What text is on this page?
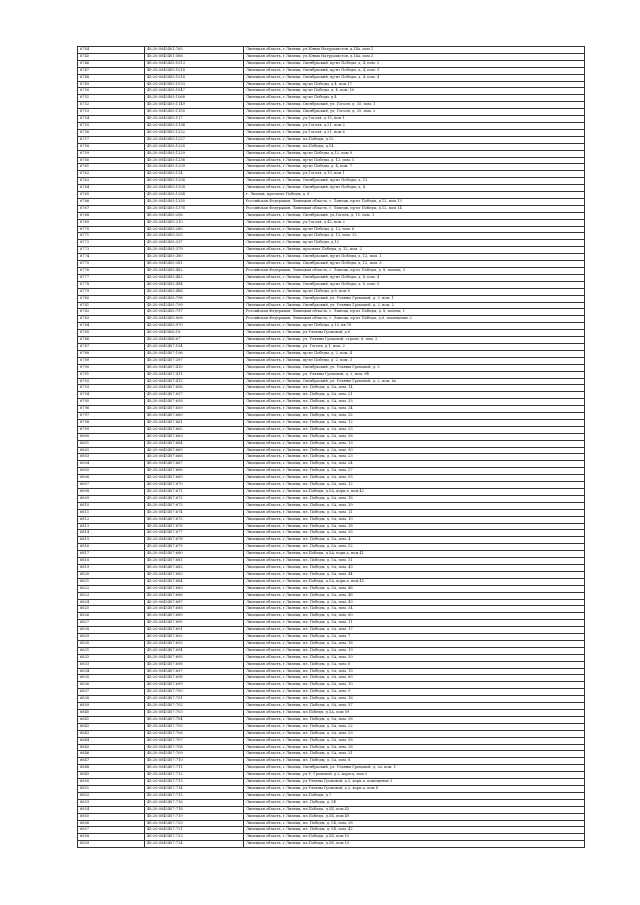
6744	48:20:0045401:765	Липецкая область, г.Липецк, ул.Юных Натуралистов, д.14а, пом 1
6745	48:20:0045401:566	Липецкая область, г.Липецк, ул.Юных Натуралистов, д.14а, пом 2
6746	48:20:0045405:1013	Липецкая область, г.Липецк, Октябрьский, пр-кт Победы, д. 4, пом. 2
6747	48:20:0045405:1014	Липецкая область, г.Липецк, Октябрьский, пр-кт Победы, д. 4, пом. 3
6748	48:20:0045405:1016	Липецкая область, г.Липецк, Октябрьский, пр-кт Победы, д. 4, пом. 4
6749	48:20:0045405:1033	Липецкая область, г.Липецк, пр-кт Победы, д.4, пом 17
6750	48:20:0045405:1047	Липецкая область, г.Липецк, пр-кт Победы, д. 4, пом. 10
6751	48:20:0045405:1068	Липецкая область, г.Липецк, пр-кт Победы, д.4
6752	48:20:0045405:1149	Липецкая область, г.Липецк, Октябрьский, ул. Гоголя, д. 35, пом. 1
6753	48:20:0045405:1150	Липецкая область, г.Липецк, Октябрьский, ул. Гоголя, д. 35, пом. 2
6754	48:20:0045405:117	Липецкая область, г.Липецк, ул.Гоголя, д.15, пом 1
6755	48:20:0045405:1194	Липецкая область, г.Липецк, ул.Гоголя, д.21, пом 2
6756	48:20:0045405:1222	Липецкая область, г.Липецк, ул.Гоголя, д.21, пом 6
6757	48:20:0045405:1227	Липецкая область, г.Липецк, пл.Победы, д.12
6758	48:20:0045405:1228	Липецкая область, г.Липецк, пл.Победы, д.14
6759	48:20:0045405:1229	Липецкая область, г.Липецк, пр-кт Победы, д.12, пом 9
6760	48:20:0045405:1236	Липецкая область, г.Липецк, пр-кт Победы, д. 12, пом. 5
6761	48:20:0045405:1239	Липецкая область, г.Липецк, пр-кт Победы, д. 4, пом. 7
6762	48:20:0045405:124	Липецкая область, г.Липецк, ул.Гоголя, д.19, пом 1
6763	48:20:0045405:1256	Липецкая область, г.Липецк, Октябрьский, пр-кт Победы, д. 12
6764	48:20:0045405:1258	Липецкая область, г.Липецк, Октябрьский, пр-кт Победы, д. 4
6765	48:20:0045405:1284	г. Липецк, проспект Победы, д. 8
6766	48:20:0045405:1355	Российская Федерация, Липецкая область, г. Липецк, пр-кт Победы, д.12, пом 13
6767	48:20:0045405:1376	Российская Федерация, Липецкая область, г. Липецк, пр-кт Победы, д.12, пом 14
6768	48:20:0045405:206	Липецкая область, г.Липецк, Октябрьский, ул.Гоголя, д. 15, пом. 1
6769	48:20:0045405:210	Липецкая область, г.Липецк, ул.Гоголя, д.43, пом 2
6770	48:20:0045405:280	Липецкая область, г.Липецк, пр-кт Победы, д. 12, пом. 6
6771	48:20:0045405:325	Липецкая область, г.Липецк, пр-кт Победы, д. 12, пом. 12
6772	48:20:0045405:337	Липецкая область, г.Липецк, пр-кт Победы, д.12
6773	48:20:0045405:379	Липецкая область, г.Липецк, проспект Победы, д. 12, пом. 2
6774	48:20:0045405:380	Липецкая область, г.Липецк, Октябрьский, пр-кт Победы, д. 12, пом. 1
6775	48:20:0045405:381	Липецкая область, г.Липецк, Октябрьский, пр-кт Победы, д. 12, пом. 3
6776	48:20:0045405:482	Российская Федерация, Липецкая область, г. Липецк, пр-кт Победы, д. 8, помещ. 3
6777	48:20:0045405:483	Липецкая область, г.Липецк, Октябрьский, пр-кт Победы, д. 8, пом. 4
6778	48:20:0045405:484	Липецкая область, г.Липецк, Октябрьский, пр-кт Победы, д. 8, пом. 5
6779	48:20:0045405:486	Липецкая область, г.Липецк, пр-кт Победы, д.8, пом 8
6780	48:20:0045405:798	Липецкая область, г.Липецк, Октябрьский, ул. Ульяны Громовой, д. 3, пом. 1
6781	48:20:0045405:799	Липецкая область, г.Липецк, Октябрьский, ул. Ульяны Громовой, д. 3, пом. 2
6782	48:20:0045405:797	Российская Федерация, Липецкая область, г. Липецк, пр-кт Победы, д. 8, помещ. 1
6783	48:20:0045405:808	Российская Федерация, Липецкая область, г. Липецк, пр-кт Победы, д.6, помещение 2
6784	48:20:0045405:970	Липецкая область, г.Липецк, пр-кт Победы, д.10, кв.76
6785	48:20:0045406:16	Липецкая область, г.Липецк, ул.Ульяны Громовой, д.6
6786	48:20:0045406:67	Липецкая область, г.Липецк, ул. Ульяны Громовой, строен. 6, пом. 2
6787	48:20:0045407:104	Липецкая область, г.Липецк, ул. Гоголя, д.1, пом. 2
6788	48:20:0045407:196	Липецкая область, г.Липецк, пр-кт Победы, д. 2, пом. 4
6789	48:20:0045407:397	Липецкая область, г.Липецк, пр-кт Победы, д. 2, пом. 3
6790	48:20:0045407:410	Липецкая область, г.Липецк, Октябрьский, ул. Ульяны Громовой, д. 2
6791	48:20:0045407:411	Липецкая область, г.Липецк, ул. Ульяны Громовой, д. 2, пом. 6б
6792	48:20:0045407:412	Липецкая область, г.Липецк, Октябрьский, ул. Ульяны Громовой, д. 2, пом. 6а
6793	48:20:0045407:656	Липецкая область, г.Липецк, пл. Победы, д. 5А, пом. 14
6794	48:20:0045407:657	Липецкая область, г.Липецк, пл. Победы, д. 5А, пом. 21
6795	48:20:0045407:658	Липецкая область, г.Липецк, пл. Победы, д. 5А, пом. 33
6796	48:20:0045407:659	Липецкая область, г.Липецк, пл. Победы, д. 5А, пом. 34
6797	48:20:0045407:660	Липецкая область, г.Липецк, пл. Победы, д. 5А, пом. 32
6798	48:20:0045407:661	Липецкая область, г.Липецк, пл. Победы, д. 5А, пом. 12
6799	48:20:0045407:662	Липецкая область, г.Липецк, пл. Победы, д. 5А, пом. 25
6800	48:20:0045407:663	Липецкая область, г.Липецк, пл. Победы, д. 5А, пом. 56
6801	48:20:0045407:664	Липецкая область, г.Липецк, пл. Победы, д. 5А, пом. 13
6802	48:20:0045407:665	Липецкая область, г.Липецк, пл. Победы, д. 5А, пом. 50
6803	48:20:0045407:666	Липецкая область, г.Липецк, пл. Победы, д. 5А, пом. 23
6804	48:20:0045407:667	Липецкая область, г.Липецк, пл. Победы, д. 5А, пом. 24
6805	48:20:0045407:668	Липецкая область, г.Липецк, пл. Победы, д. 5А, пом. 27
6806	48:20:0045407:669	Липецкая область, г.Липецк, пл. Победы, д. 5А, пом. 55
6807	48:20:0045407:670	Липецкая область, г.Липецк, пл. Победы, д. 5А, пом. 12
6808	48:20:0045407:671	Липецкая область, г.Липецк, пл.Победы, д.5А, корп.а, пом 42
6809	48:20:0045407:672	Липецкая область, г.Липецк, пл. Победы, д. 5А, пом. 18
6810	48:20:0045407:673	Липецкая область, г.Липецк, пл. Победы, д. 5А, пом. 39
6811	48:20:0045407:674	Липецкая область, г.Липецк, пл. Победы, д. 5А, пом. 11
6812	48:20:0045407:675	Липецкая область, г.Липецк, пл. Победы, д. 5А, пом. 10
6813	48:20:0045407:676	Липецкая область, г.Липецк, пл. Победы, д. 5А, пом. 16
6814	48:20:0045407:677	Липецкая область, г.Липецк, пл. Победы, д. 5А, пом. 35
6815	48:20:0045407:678	Липецкая область, г.Липецк, пл. Победы, д. 5А, пом. 4
6816	48:20:0045407:679	Липецкая область, г.Липецк, пл. Победы, д. 5А, пом. 52
6817	48:20:0045407:680	Липецкая область, г.Липецк, пл.Победы, д.5А, корп.а, пом 41
6818	48:20:0045407:681	Липецкая область, г.Липецк, пл. Победы, д. 5А, пом. 51
6819	48:20:0045407:682	Липецкая область, г.Липецк, пл. Победы, д. 5А, пом. 43
6820	48:20:0045407:683	Липецкая область, г.Липецк, пл. Победы, д. 5А, пом. 44
6821	48:20:0045407:684	Липецкая область, г.Липецк, пл.Победы, д.5А, корп.а, пом 45
6822	48:20:0045407:685	Липецкая область, г.Липецк, пл. Победы, д. 5А, пом. 46
6823	48:20:0045407:686	Липецкая область, г.Липецк, пл. Победы, д. 5А, пом. 48
6824	48:20:0045407:687	Липецкая область, г.Липецк, пл. Победы, д. 5А, пом. 49
6825	48:20:0045407:688	Липецкая область, г.Липецк, пл. Победы, д. 5А, пом. 54
6826	48:20:0045407:689	Липецкая область, г.Липецк, пл. Победы, д. 5А, пом. 60
6827	48:20:0045407:690	Липецкая область, г.Липецк, пл. Победы, д. 5А, пом. 11
6828	48:20:0045407:691	Липецкая область, г.Липецк, пл. Победы, д. 5А, пом. 17
6829	48:20:0045407:692	Липецкая область, г.Липецк, пл. Победы, д. 5А, пом. 7
6830	48:20:0045407:693	Липецкая область, г.Липецк, пл. Победы, д. 5А, пом. 18
6831	48:20:0045407:694	Липецкая область, г.Липецк, пл. Победы, д. 5А, пом. 19
6832	48:20:0045407:695	Липецкая область, г.Липецк, пл. Победы, д. 5А, пом. 20
6833	48:20:0045407:696	Липецкая область, г.Липецк, пл. Победы, д. 5А, пом. 6
6834	48:20:0045407:697	Липецкая область, г.Липецк, пл. Победы, д. 5А, пом. 15
6835	48:20:0045407:698	Липецкая область, г.Липецк, пл. Победы, д. 5А, пом. 60
6836	48:20:0045407:699	Липецкая область, г.Липецк, пл. Победы, д. 5А, пом. 10
6837	48:20:0045407:700	Липецкая область, г.Липецк, пл. Победы, д. 5А, пом. 9
6838	48:20:0045407:701	Липецкая область, г.Липецк, пл. Победы, д. 5А, пом. 16
6839	48:20:0045407:702	Липецкая область, г.Липецк, пл. Победы, д. 5А, пом. 57
6840	48:20:0045407:703	Липецкая область, г.Липецк, пл.Победы, д.5А, пом 59
6841	48:20:0045407:704	Липецкая область, г.Липецк, пл. Победы, д. 5А, пом. 58
6842	48:20:0045407:705	Липецкая область, г.Липецк, пл. Победы, д. 5А, пом. 22
6843	48:20:0045407:706	Липецкая область, г.Липецк, пл. Победы, д. 5А, пом. 29
6844	48:20:0045407:707	Липецкая область, г.Липецк, пл. Победы, д. 5А, пом. 28
6845	48:20:0045407:708	Липецкая область, г.Липецк, пл. Победы, д. 5А, пом. 26
6846	48:20:0045407:709	Липецкая область, г.Липецк, пл. Победы, д. 5А, пом. 31
6847	48:20:0045407:710	Липецкая область, г.Липецк, пл. Победы, д. 5А, пом. 8
6848	48:20:0045407:711	Липецкая область, г.Липецк, Октябрьский, ул. Ульяны Громовой, д. 2а, пом. 1
6849	48:20:0045407:712	Липецкая область, г.Липецк, ул.У. Громовой, д.2, корп.а, пом 2
6850	48:20:0045407:713	Липецкая область, г.Липецк, ул.Ульяны Громовой, д.2, корп.а, помещение 3
6851	48:20:0045407:714	Липецкая область, г.Липецк, ул.Ульяны Громовой, д.2, корп.а, пом 4
6852	48:20:0045407:715	Липецкая область, г.Липецк, пл.Победы, д.7
6853	48:20:0045407:716	Липецкая область, г.Липецк, пл. Победы, д. 5Б
6854	48:20:0045407:718	Липецкая область, г.Липецк, пл.Победы, д.5Б, пом 43
6855	48:20:0045407:719	Липецкая область, г.Липецк, пл.Победы, д.5Б, пом 49
6856	48:20:0045407:720	Липецкая область, г.Липецк, пл. Победы, д. 5Б, пом. 28
6857	48:20:0045407:721	Липецкая область, г.Липецк, пл. Победы, д. 5Б, пом. 42
6858	48:20:0045407:723	Липецкая область, г.Липецк, пл.Победы, д.5Б, пом 10
6859	48:20:0045407:724	Липецкая область, г.Липецк, пл.Победы, д.5Б, пом 10
